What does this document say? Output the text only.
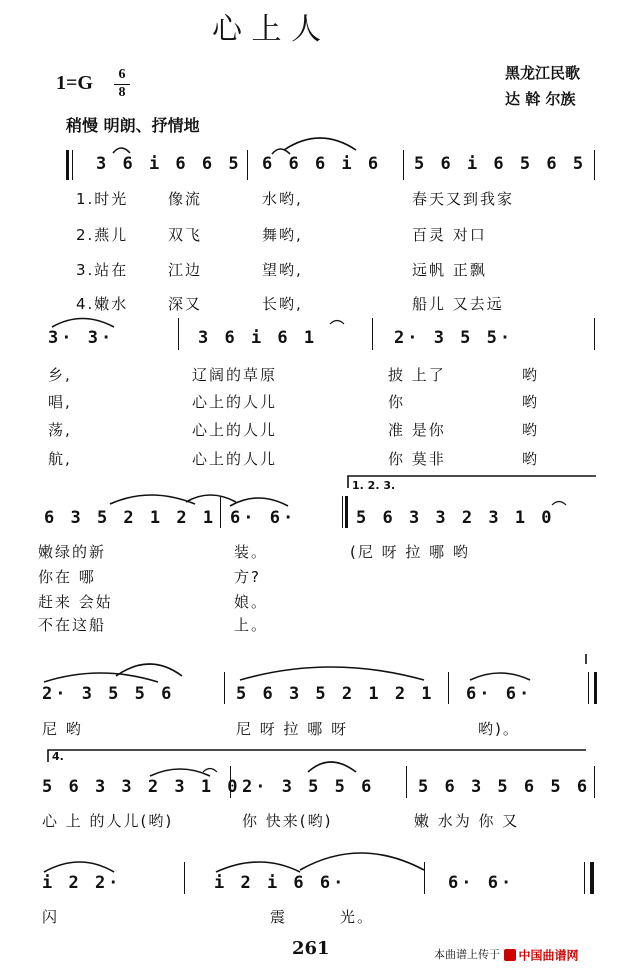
心 上 人
黑龙江民歌
达 斡 尔族
1=G 6
8
稍慢 明朗、抒情地
3 6 i 6 6 5 6 6 6 i 6 5 6 i 6 5 6 5
1.时光	像流	水哟,	春天又到我家
2.燕儿	双飞	舞哟,	百灵 对口
3.站在	江边	望哟,	远帆 正飘
4.嫩水	深又	长哟,	船儿 又去远
3· 3·	3 6 i 6 1	2· 3 5 5·
乡,	辽阔的草原	披 上了	哟
唱,	心上的人儿	你	哟
荡,	心上的人儿	准 是你	哟
航,	心上的人儿	你 莫非	哟
6 3 5 2 1 2 1 6· 6·
1. 2. 3.
5 6 3 3 2 3 1 0
嫩绿的新	装。	(尼 呀 拉 哪 哟
你在 哪	方?
赶来 会姑	娘。
不在这船	上。
2· 3 5 5 6	5 6 3 5 2 1 2 1 6· 6·
尼 哟	尼 呀 拉 哪 呀	哟)。
4.
5 6 3 3 2 3 1 0 2· 3 5 5 6	5 6 3 5 6 5 6
心 上 的人儿(哟)	你 快来(哟)	嫩 水为 你 又
i 2 2·	i 2 i 6 6·	6· 6·
闪	震	光。
261	本曲谱上传于 中国曲谱网
